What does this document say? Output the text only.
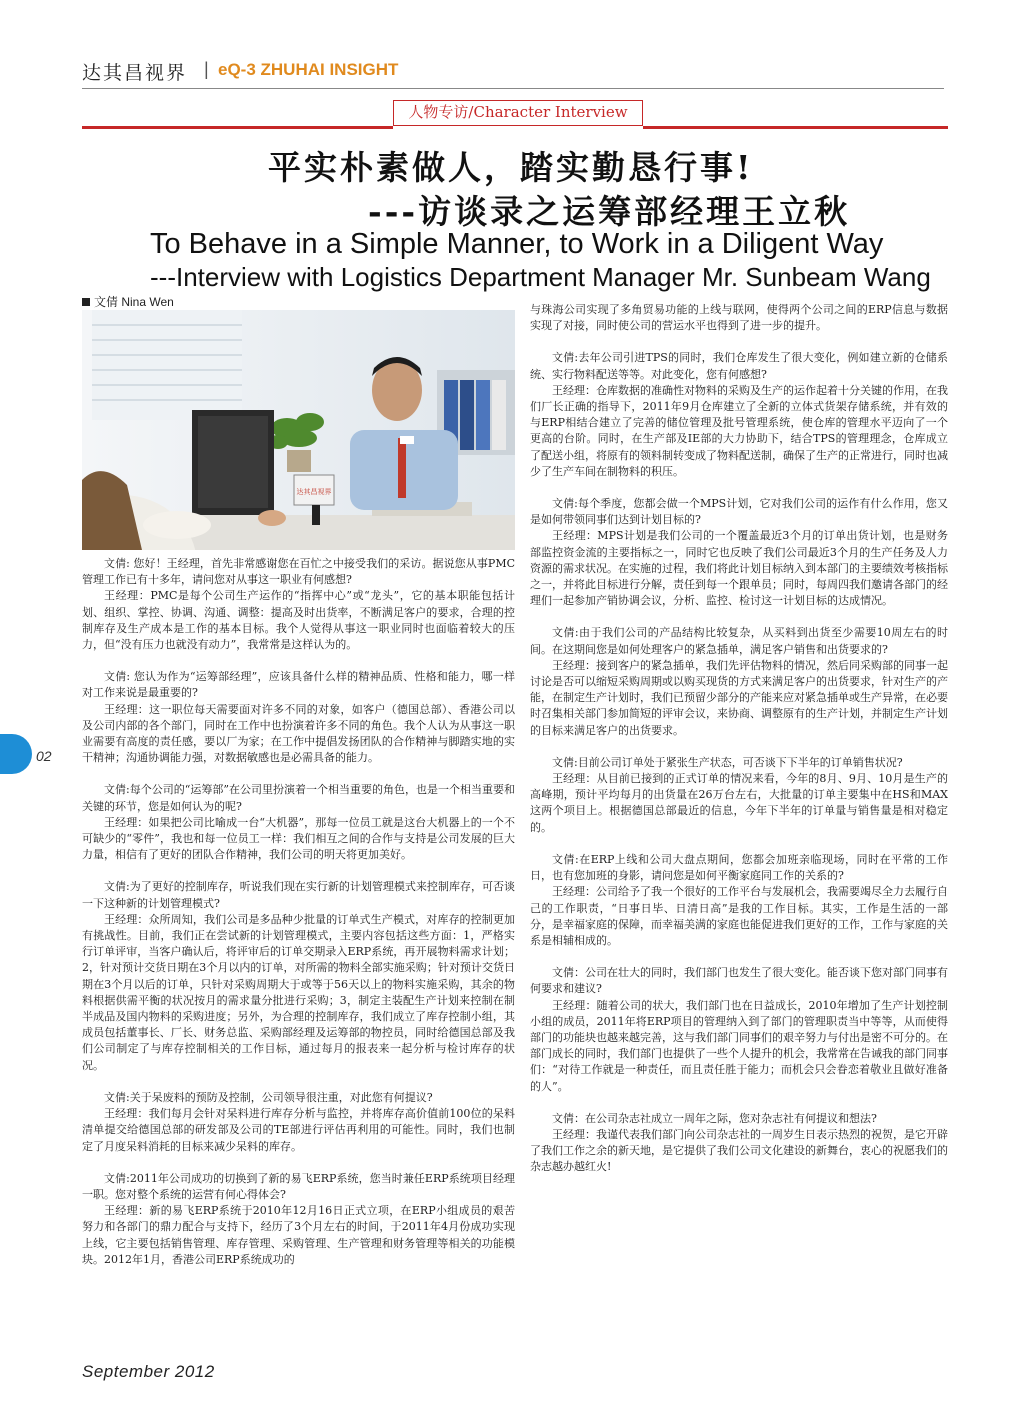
达其昌视界 | eQ-3 ZHUHAI INSIGHT
人物专访/Character Interview
平实朴素做人，踏实勤恳行事!
---访谈录之运筹部经理王立秋
To Behave in a Simple Manner, to Work in a Diligent Way
---Interview with Logistics Department Manager Mr. Sunbeam Wang
文倩 Nina Wen
达其昌视界

文倩: 您好！王经理，首先非常感谢您在百忙之中接受我们的采访。据说您从事PMC管理工作已有十多年，请问您对从事这一职业有何感想?

王经理：PMC是每个公司生产运作的“指挥中心”或“龙头”，它的基本职能包括计划、组织、掌控、协调、沟通、调整：提高及时出货率，不断满足客户的要求，合理的控制库存及生产成本是工作的基本目标。我个人觉得从事这一职业同时也面临着较大的压力，但“没有压力也就没有动力”，我常常是这样认为的。

文倩: 您认为作为“运筹部经理”，应该具备什么样的精神品质、性格和能力，哪一样对工作来说是最重要的?

王经理：这一职位每天需要面对许多不同的对象，如客户（德国总部）、香港公司以及公司内部的各个部门，同时在工作中也扮演着许多不同的角色。我个人认为从事这一职业需要有高度的责任感，要以厂为家；在工作中提倡发扬团队的合作精神与脚踏实地的实干精神；沟通协调能力强，对数据敏感也是必需具备的能力。

文倩:每个公司的“运筹部”在公司里扮演着一个相当重要的角色，也是一个相当重要和关键的环节，您是如何认为的呢?

王经理：如果把公司比喻成一台“大机器”，那每一位员工就是这台大机器上的一个不可缺少的“零件”，我也和每一位员工一样：我们相互之间的合作与支持是公司发展的巨大力量，相信有了更好的团队合作精神，我们公司的明天将更加美好。

文倩:为了更好的控制库存，听说我们现在实行新的计划管理模式来控制库存，可否谈一下这种新的计划管理模式?

王经理：众所周知，我们公司是多品种少批量的订单式生产模式，对库存的控制更加有挑战性。目前，我们正在尝试新的计划管理模式，主要内容包括这些方面：1，严格实行订单评审，当客户确认后，将评审后的订单交期录入ERP系统，再开展物料需求计划；2，针对预计交货日期在3个月以内的订单，对所需的物料全部实施采购；针对预计交货日期在3个月以后的订单，只针对采购周期大于或等于56天以上的物料实施采购，其余的物料根据供需平衡的状况按月的需求量分批进行采购；3，制定主装配生产计划来控制在制半成品及国内物料的采购进度；另外，为合理的控制库存，我们成立了库存控制小组，其成员包括董事长、厂长、财务总监、采购部经理及运筹部的物控员，同时给德国总部及我们公司制定了与库存控制相关的工作目标，通过每月的报表来一起分析与检讨库存的状况。

文倩:关于呆废料的预防及控制，公司领导很注重，对此您有何提议?

王经理：我们每月会针对呆料进行库存分析与监控，并将库存高价值前100位的呆料清单提交给德国总部的研发部及公司的TE部进行评估再利用的可能性。同时，我们也制定了月度呆料消耗的目标来减少呆料的库存。

文倩:2011年公司成功的切换到了新的易飞ERP系统，您当时兼任ERP系统项目经理一职。您对整个系统的运营有何心得体会?

王经理：新的易飞ERP系统于2010年12月16日正式立项，在ERP小组成员的艰苦努力和各部门的鼎力配合与支持下，经历了3个月左右的时间，于2011年4月份成功实现上线，它主要包括销售管理、库存管理、采购管理、生产管理和财务管理等相关的功能模块。2012年1月，香港公司ERP系统成功的

与珠海公司实现了多角贸易功能的上线与联网，使得两个公司之间的ERP信息与数据实现了对接，同时使公司的营运水平也得到了进一步的提升。

文倩:去年公司引进TPS的同时，我们仓库发生了很大变化，例如建立新的仓储系统、实行物料配送等等。对此变化，您有何感想?

王经理：仓库数据的准确性对物料的采购及生产的运作起着十分关键的作用，在我们厂长正确的指导下，2011年9月仓库建立了全新的立体式货架存储系统，并有效的与ERP相结合建立了完善的储位管理及批号管理系统，使仓库的管理水平迈向了一个更高的台阶。同时，在生产部及IE部的大力协助下，结合TPS的管理理念，仓库成立了配送小组，将原有的领料制转变成了物料配送制，确保了生产的正常进行，同时也减少了生产车间在制物料的积压。

文倩:每个季度，您都会做一个MPS计划，它对我们公司的运作有什么作用，您又是如何带领同事们达到计划目标的?

王经理：MPS计划是我们公司的一个覆盖最近3个月的订单出货计划，也是财务部监控资金流的主要指标之一，同时它也反映了我们公司最近3个月的生产任务及人力资源的需求状况。在实施的过程，我们将此计划目标纳入到本部门的主要绩效考核指标之一，并将此目标进行分解，责任到每一个跟单员；同时，每周四我们邀请各部门的经理们一起参加产销协调会议，分析、监控、检讨这一计划目标的达成情况。

文倩:由于我们公司的产品结构比较复杂，从买料到出货至少需要10周左右的时间。在这期间您是如何处理客户的紧急插单，满足客户销售和出货要求的?

王经理：接到客户的紧急插单，我们先评估物料的情况，然后同采购部的同事一起讨论是否可以缩短采购周期或以购买现货的方式来满足客户的出货要求，针对生产的产能，在制定生产计划时，我们已预留少部分的产能来应对紧急插单或生产异常，在必要时召集相关部门参加简短的评审会议，来协商、调整原有的生产计划，并制定生产计划的目标来满足客户的出货要求。

文倩:目前公司订单处于紧张生产状态，可否谈下下半年的订单销售状况?

王经理：从目前已接到的正式订单的情况来看，今年的8月、9月、10月是生产的高峰期，预计平均每月的出货量在26万台左右，大批量的订单主要集中在HS和MAX这两个项目上。根据德国总部最近的信息，今年下半年的订单量与销售量是相对稳定的。

文倩:在ERP上线和公司大盘点期间，您都会加班亲临现场，同时在平常的工作日，也有您加班的身影，请问您是如何平衡家庭同工作的关系的?

王经理：公司给予了我一个很好的工作平台与发展机会，我需要竭尽全力去履行自己的工作职责，“日事日毕、日清日高”是我的工作目标。其实，工作是生活的一部分，是幸福家庭的保障，而幸福美满的家庭也能促进我们更好的工作，工作与家庭的关系是相辅相成的。

文倩：公司在壮大的同时，我们部门也发生了很大变化。能否谈下您对部门同事有何要求和建议?

王经理：随着公司的状大，我们部门也在日益成长，2010年增加了生产计划控制小组的成员，2011年将ERP项目的管理纳入到了部门的管理职责当中等等，从而使得部门的功能块也越来越完善，这与我们部门同事们的艰辛努力与付出是密不可分的。在部门成长的同时，我们部门也提供了一些个人提升的机会，我常常在告诫我的部门同事们：“对待工作就是一种责任，而且责任胜于能力；而机会只会眷恋着敬业且做好准备的人”。

文倩：在公司杂志社成立一周年之际，您对杂志社有何提议和想法?

王经理：我谨代表我们部门向公司杂志社的一周岁生日表示热烈的祝贺，是它开辟了我们工作之余的新天地，是它提供了我们公司文化建设的新舞台，衷心的祝愿我们的杂志越办越红火!

02
September 2012
